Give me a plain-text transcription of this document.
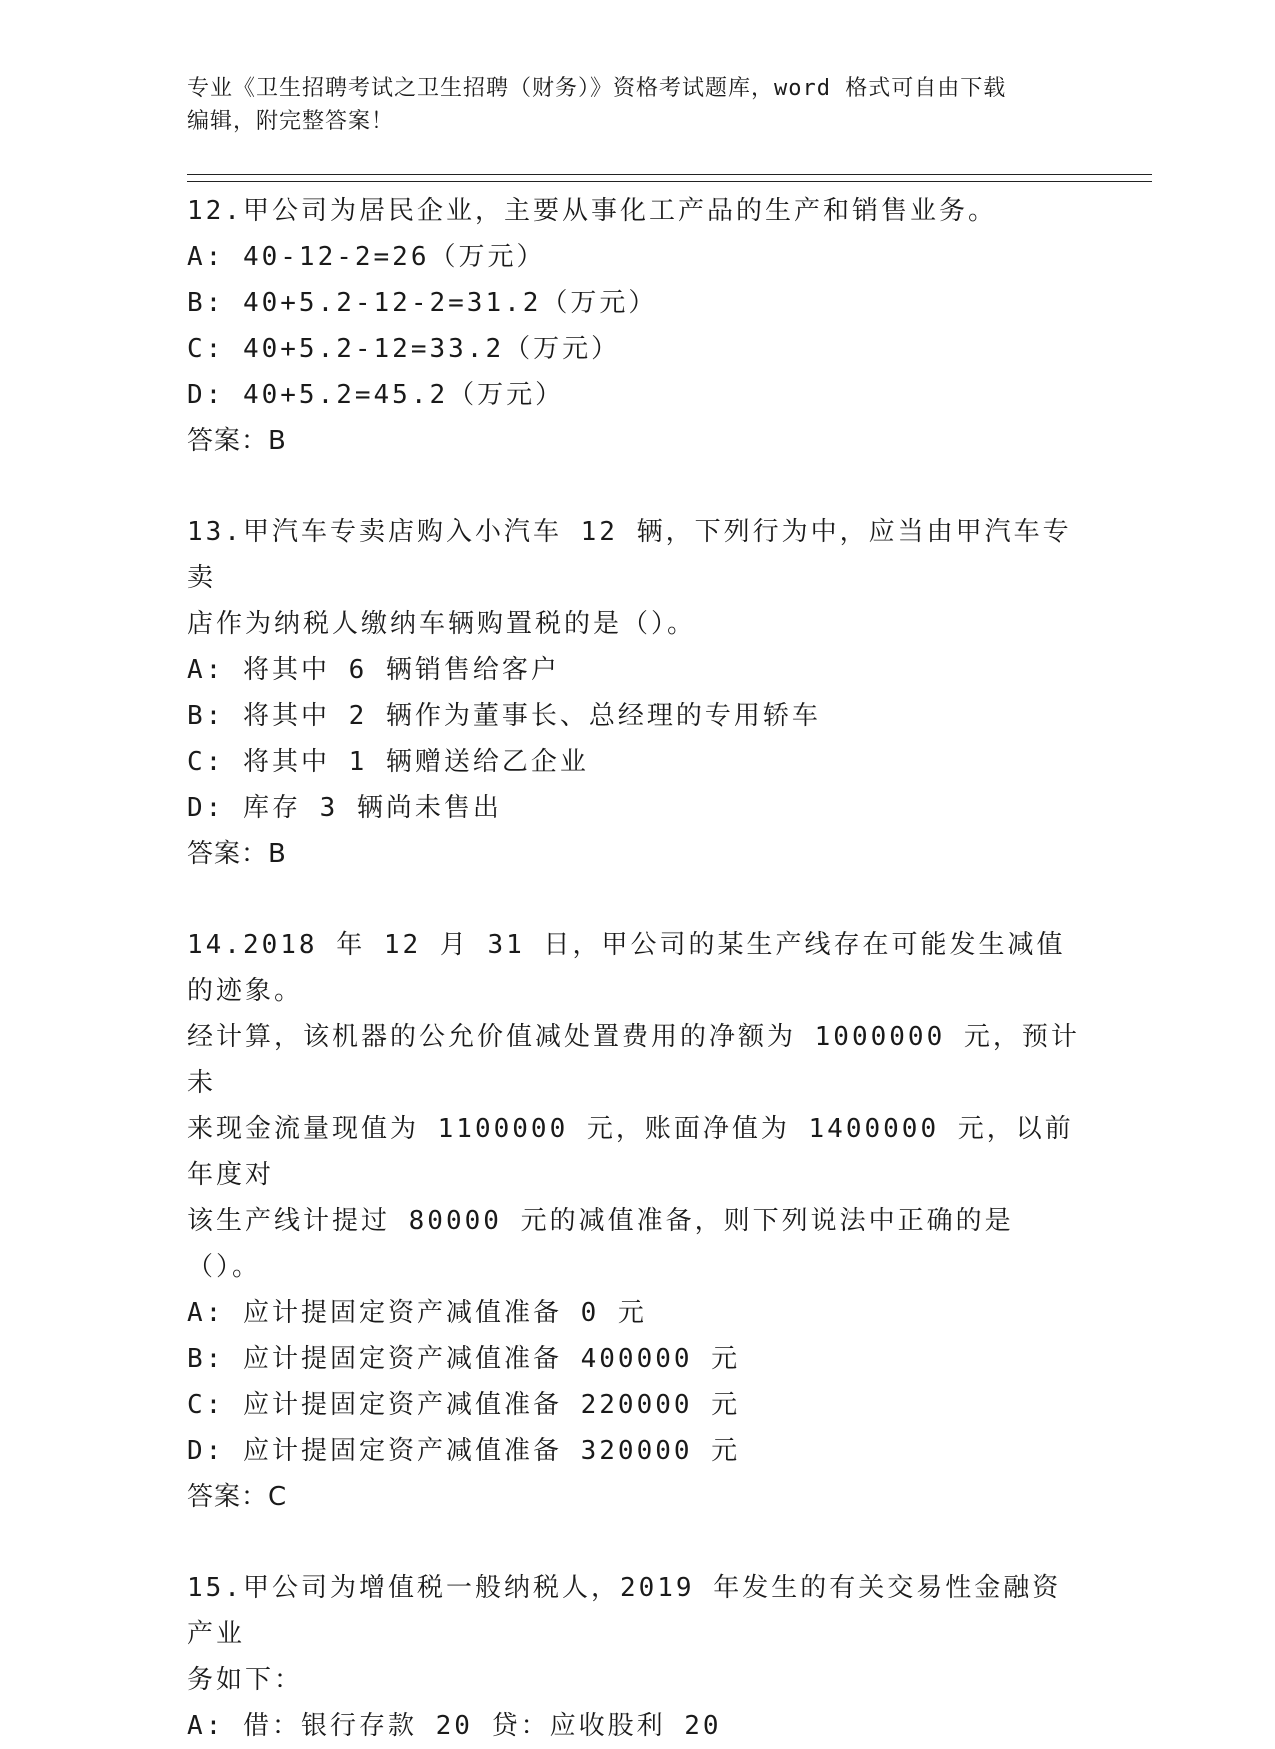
专业《卫生招聘考试之卫生招聘（财务）》资格考试题库，word 格式可自由下载
编辑，附完整答案！

12.甲公司为居民企业，主要从事化工产品的生产和销售业务。

A: 40-12-2=26（万元）

B: 40+5.2-12-2=31.2（万元）

C: 40+5.2-12=33.2（万元）

D: 40+5.2=45.2（万元）

答案：B

13.甲汽车专卖店购入小汽车 12 辆，下列行为中，应当由甲汽车专卖

店作为纳税人缴纳车辆购置税的是（）。

A: 将其中 6 辆销售给客户

B: 将其中 2 辆作为董事长、总经理的专用轿车

C: 将其中 1 辆赠送给乙企业

D: 库存 3 辆尚未售出

答案：B

14.2018 年 12 月 31 日，甲公司的某生产线存在可能发生减值的迹象。

经计算，该机器的公允价值减处置费用的净额为 1000000 元，预计未

来现金流量现值为 1100000 元，账面净值为 1400000 元，以前年度对

该生产线计提过 80000 元的减值准备，则下列说法中正确的是（）。

A: 应计提固定资产减值准备 0 元

B: 应计提固定资产减值准备 400000 元

C: 应计提固定资产减值准备 220000 元

D: 应计提固定资产减值准备 320000 元

答案：C

15.甲公司为增值税一般纳税人，2019 年发生的有关交易性金融资产业

务如下：

A: 借：银行存款 20 贷：应收股利 20
